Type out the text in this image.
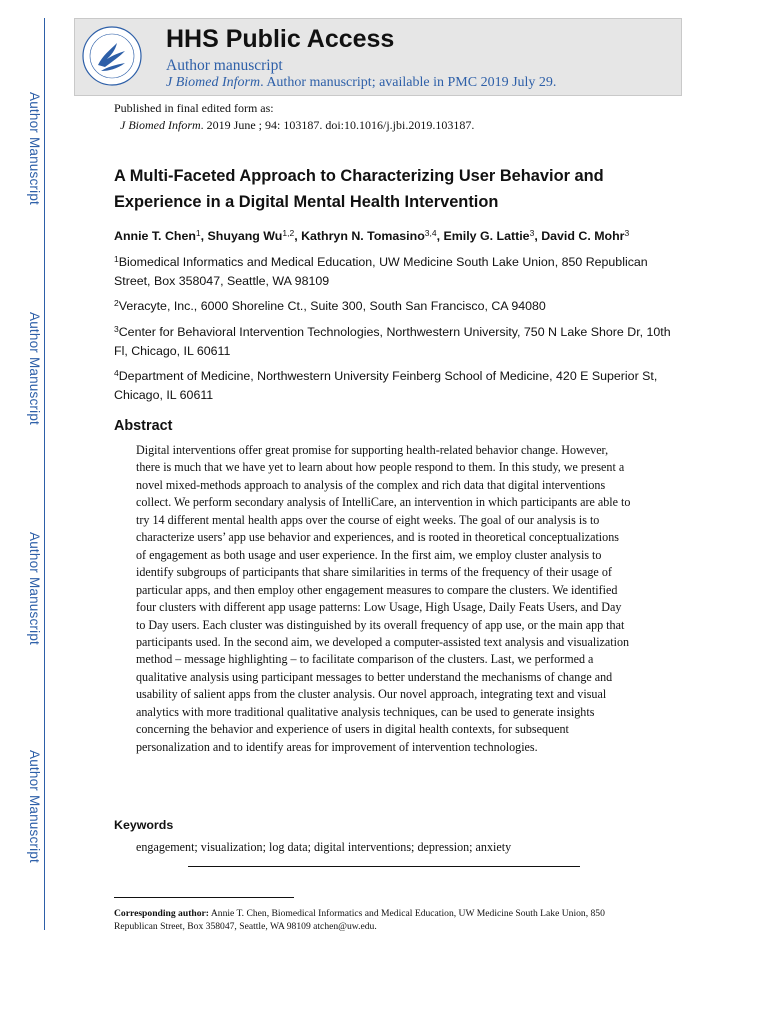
Author Manuscript
Author Manuscript
Author Manuscript
Author Manuscript
HHS Public Access
Author manuscript
J Biomed Inform. Author manuscript; available in PMC 2019 July 29.
Published in final edited form as:
J Biomed Inform. 2019 June ; 94: 103187. doi:10.1016/j.jbi.2019.103187.
A Multi-Faceted Approach to Characterizing User Behavior and Experience in a Digital Mental Health Intervention
Annie T. Chen$^1$, Shuyang Wu$^{1,2}$, Kathryn N. Tomasino$^{3,4}$, Emily G. Lattie$^3$, David C. Mohr$^3$
$^1$Biomedical Informatics and Medical Education, UW Medicine South Lake Union, 850 Republican Street, Box 358047, Seattle, WA 98109
$^2$Veracyte, Inc., 6000 Shoreline Ct., Suite 300, South San Francisco, CA 94080
$^3$Center for Behavioral Intervention Technologies, Northwestern University, 750 N Lake Shore Dr, 10th Fl, Chicago, IL 60611
$^4$Department of Medicine, Northwestern University Feinberg School of Medicine, 420 E Superior St, Chicago, IL 60611
Abstract
Digital interventions offer great promise for supporting health-related behavior change. However, there is much that we have yet to learn about how people respond to them. In this study, we present a novel mixed-methods approach to analysis of the complex and rich data that digital interventions collect. We perform secondary analysis of IntelliCare, an intervention in which participants are able to try 14 different mental health apps over the course of eight weeks. The goal of our analysis is to characterize users’ app use behavior and experiences, and is rooted in theoretical conceptualizations of engagement as both usage and user experience. In the first aim, we employ cluster analysis to identify subgroups of participants that share similarities in terms of the frequency of their usage of particular apps, and then employ other engagement measures to compare the clusters. We identified four clusters with different app usage patterns: Low Usage, High Usage, Daily Feats Users, and Day to Day users. Each cluster was distinguished by its overall frequency of app use, or the main app that participants used. In the second aim, we developed a computer-assisted text analysis and visualization method – message highlighting – to facilitate comparison of the clusters. Last, we performed a qualitative analysis using participant messages to better understand the mechanisms of change and usability of salient apps from the cluster analysis. Our novel approach, integrating text and visual analytics with more traditional qualitative analysis techniques, can be used to generate insights concerning the behavior and experience of users in digital health contexts, for subsequent personalization and to identify areas for improvement of intervention technologies.
Keywords
engagement; visualization; log data; digital interventions; depression; anxiety
Corresponding author: Annie T. Chen, Biomedical Informatics and Medical Education, UW Medicine South Lake Union, 850 Republican Street, Box 358047, Seattle, WA 98109 atchen@uw.edu.
